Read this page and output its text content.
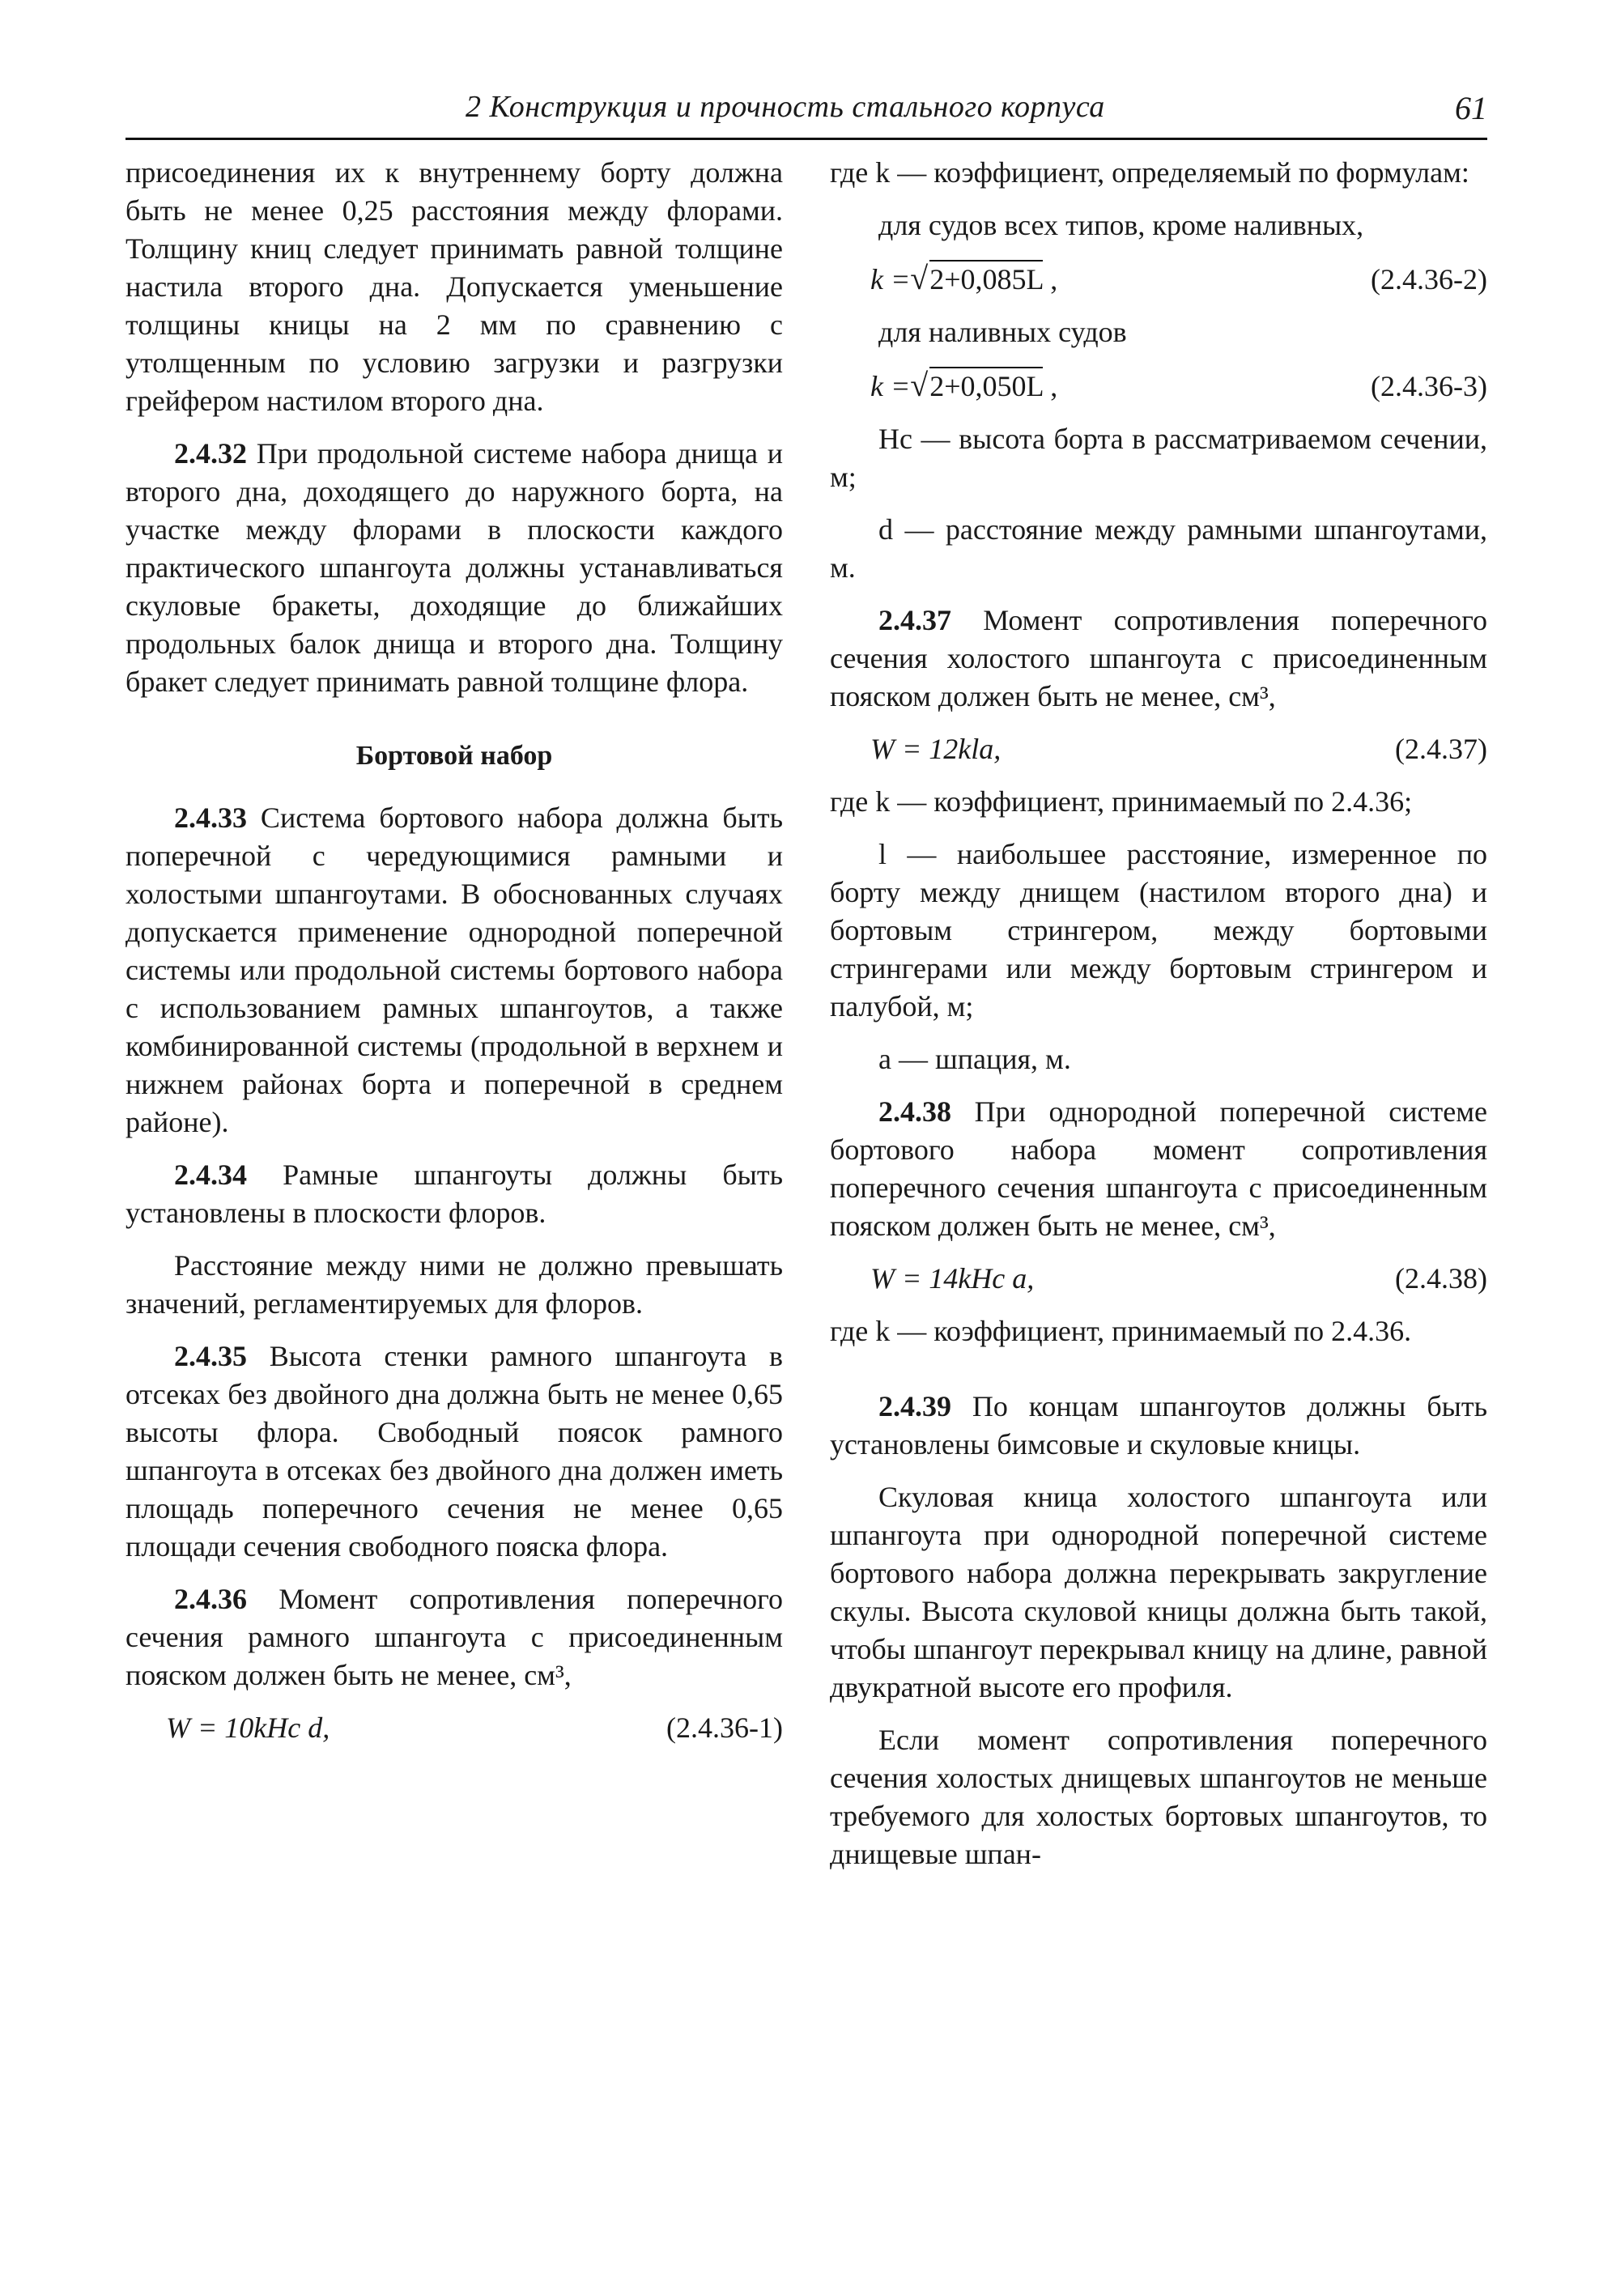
2 Конструкция и прочность стального корпуса	61

присоединения их к внутреннему борту должна быть не менее 0,25 расстояния между флорами. Толщину книц следует принимать равной толщине настила второго дна. Допускается уменьшение толщины кницы на 2 мм по сравнению с утолщенным по условию загрузки и разгрузки грейфером настилом второго дна.

2.4.32 При продольной системе набора днища и второго дна, доходящего до наружного борта, на участке между флорами в плоскости каждого практического шпангоута должны устанавливаться скуловые бракеты, доходящие до ближайших продольных балок днища и второго дна. Толщину бракет следует принимать равной толщине флора.

Бортовой набор

2.4.33 Система бортового набора должна быть поперечной с чередующимися рамными и холостыми шпангоутами. В обоснованных случаях допускается применение однородной поперечной системы или продольной системы бортового набора с использованием рамных шпангоутов, а также комбинированной системы (продольной в верхнем и нижнем районах борта и поперечной в среднем районе).

2.4.34 Рамные шпангоуты должны быть установлены в плоскости флоров.

Расстояние между ними не должно превышать значений, регламентируемых для флоров.

2.4.35 Высота стенки рамного шпангоута в отсеках без двойного дна должна быть не менее 0,65 высоты флора. Свободный поясок рамного шпангоута в отсеках без двойного дна должен иметь площадь поперечного сечения не менее 0,65 площади сечения свободного пояска флора.

2.4.36 Момент сопротивления поперечного сечения рамного шпангоута с присоединенным пояском должен быть не менее, см³,

W = 10kHс d,	(2.4.36-1)

где k — коэффициент, определяемый по формулам:

для судов всех типов, кроме наливных,

k =√2+0,085L ,	(2.4.36-2)

для наливных судов

k =√2+0,050L ,	(2.4.36-3)

Hс — высота борта в рассматриваемом сечении, м;

d — расстояние между рамными шпангоутами, м.

2.4.37 Момент сопротивления поперечного сечения холостого шпангоута с присоединенным пояском должен быть не менее, см³,

W = 12kla,	(2.4.37)

где k — коэффициент, принимаемый по 2.4.36;

l — наибольшее расстояние, измеренное по борту между днищем (настилом второго дна) и бортовым стрингером, между бортовыми стрингерами или между бортовым стрингером и палубой, м;

a — шпация, м.

2.4.38 При однородной поперечной системе бортового набора момент сопротивления поперечного сечения шпангоута с присоединенным пояском должен быть не менее, см³,

W = 14kHс a,	(2.4.38)

где k — коэффициент, принимаемый по 2.4.36.

2.4.39 По концам шпангоутов должны быть установлены бимсовые и скуловые кницы.

Скуловая кница холостого шпангоута или шпангоута при однородной поперечной системе бортового набора должна перекрывать закругление скулы. Высота скуловой кницы должна быть такой, чтобы шпангоут перекрывал кницу на длине, равной двукратной высоте его профиля.

Если момент сопротивления поперечного сечения холостых днищевых шпангоутов не меньше требуемого для холостых бортовых шпангоутов, то днищевые шпан-
